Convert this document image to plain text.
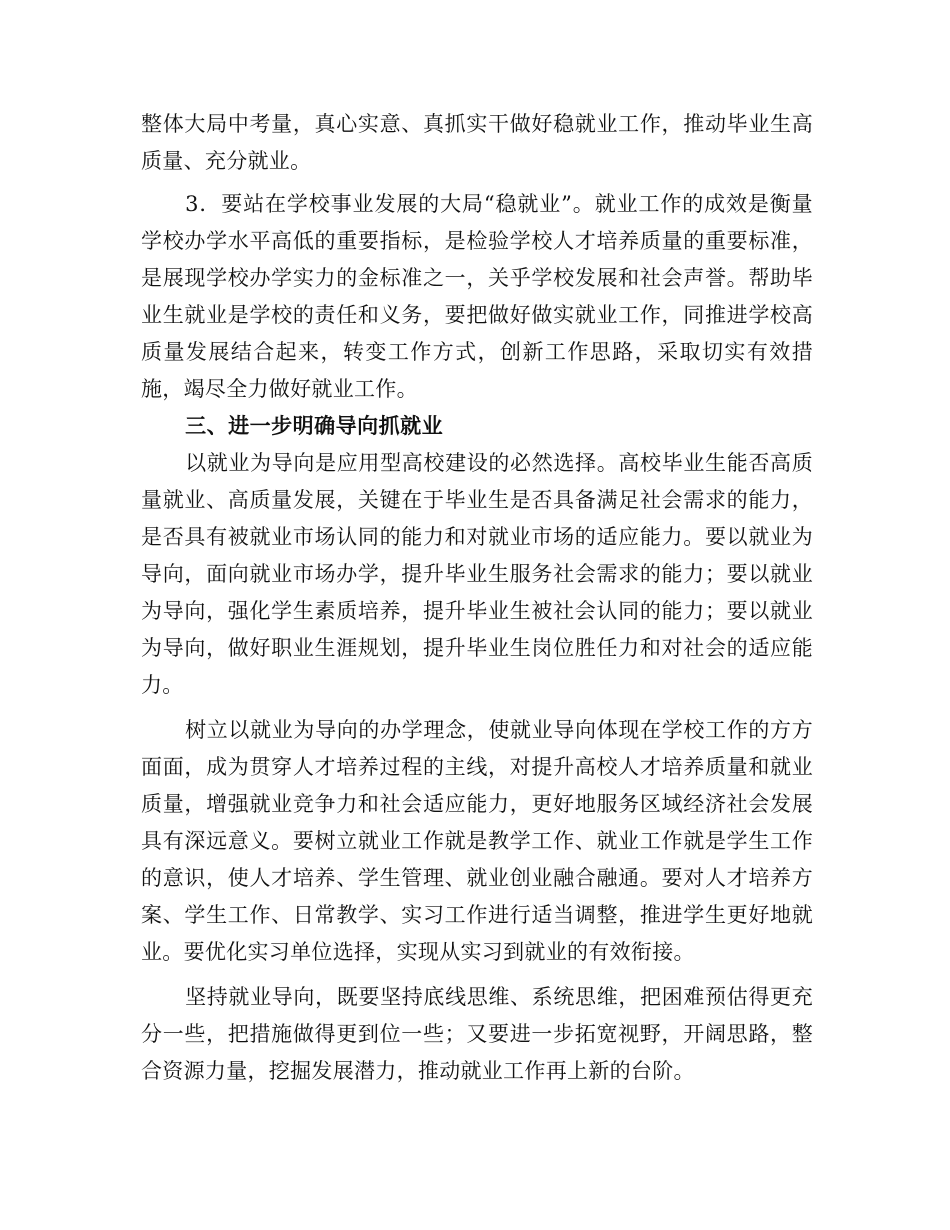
整体大局中考量，真心实意、真抓实干做好稳就业工作，推动毕业生高质量、充分就业。

3．要站在学校事业发展的大局“稳就业”。就业工作的成效是衡量学校办学水平高低的重要指标，是检验学校人才培养质量的重要标准，是展现学校办学实力的金标准之一，关乎学校发展和社会声誉。帮助毕业生就业是学校的责任和义务，要把做好做实就业工作，同推进学校高质量发展结合起来，转变工作方式，创新工作思路，采取切实有效措施，竭尽全力做好就业工作。

三、进一步明确导向抓就业

以就业为导向是应用型高校建设的必然选择。高校毕业生能否高质量就业、高质量发展，关键在于毕业生是否具备满足社会需求的能力，是否具有被就业市场认同的能力和对就业市场的适应能力。要以就业为导向，面向就业市场办学，提升毕业生服务社会需求的能力；要以就业为导向，强化学生素质培养，提升毕业生被社会认同的能力；要以就业为导向，做好职业生涯规划，提升毕业生岗位胜任力和对社会的适应能力。

树立以就业为导向的办学理念，使就业导向体现在学校工作的方方面面，成为贯穿人才培养过程的主线，对提升高校人才培养质量和就业质量，增强就业竞争力和社会适应能力，更好地服务区域经济社会发展具有深远意义。要树立就业工作就是教学工作、就业工作就是学生工作的意识，使人才培养、学生管理、就业创业融合融通。要对人才培养方案、学生工作、日常教学、实习工作进行适当调整，推进学生更好地就业。要优化实习单位选择，实现从实习到就业的有效衔接。

坚持就业导向，既要坚持底线思维、系统思维，把困难预估得更充分一些，把措施做得更到位一些；又要进一步拓宽视野，开阔思路，整合资源力量，挖掘发展潜力，推动就业工作再上新的台阶。
